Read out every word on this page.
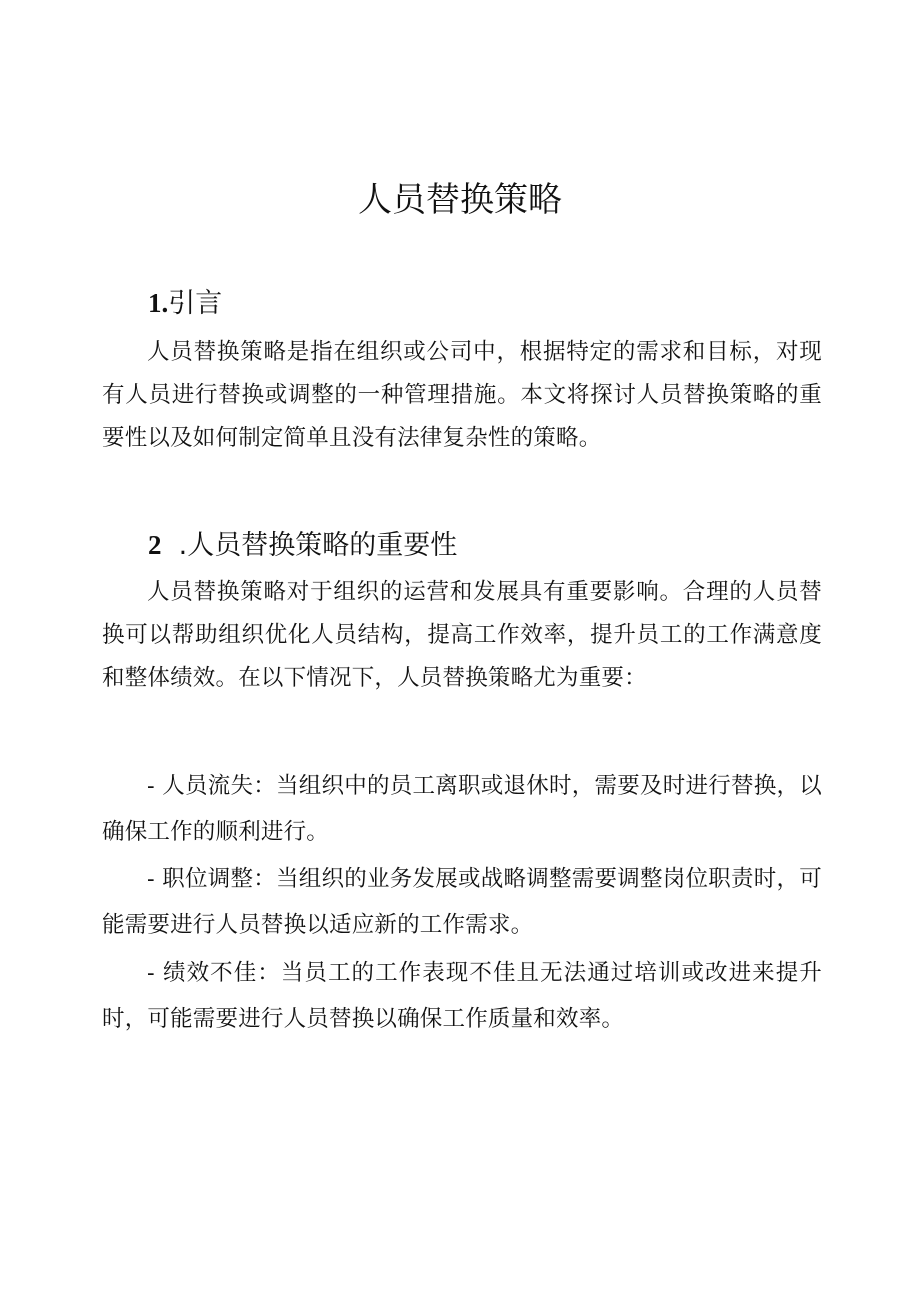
人员替换策略
1.引言

人员替换策略是指在组织或公司中，根据特定的需求和目标，对现有人员进行替换或调整的一种管理措施。本文将探讨人员替换策略的重要性以及如何制定简单且没有法律复杂性的策略。

2 .人员替换策略的重要性

人员替换策略对于组织的运营和发展具有重要影响。合理的人员替换可以帮助组织优化人员结构，提高工作效率，提升员工的工作满意度和整体绩效。在以下情况下，人员替换策略尤为重要：

- 人员流失：当组织中的员工离职或退休时，需要及时进行替换，以确保工作的顺利进行。

- 职位调整：当组织的业务发展或战略调整需要调整岗位职责时，可能需要进行人员替换以适应新的工作需求。

- 绩效不佳：当员工的工作表现不佳且无法通过培训或改进来提升时，可能需要进行人员替换以确保工作质量和效率。
